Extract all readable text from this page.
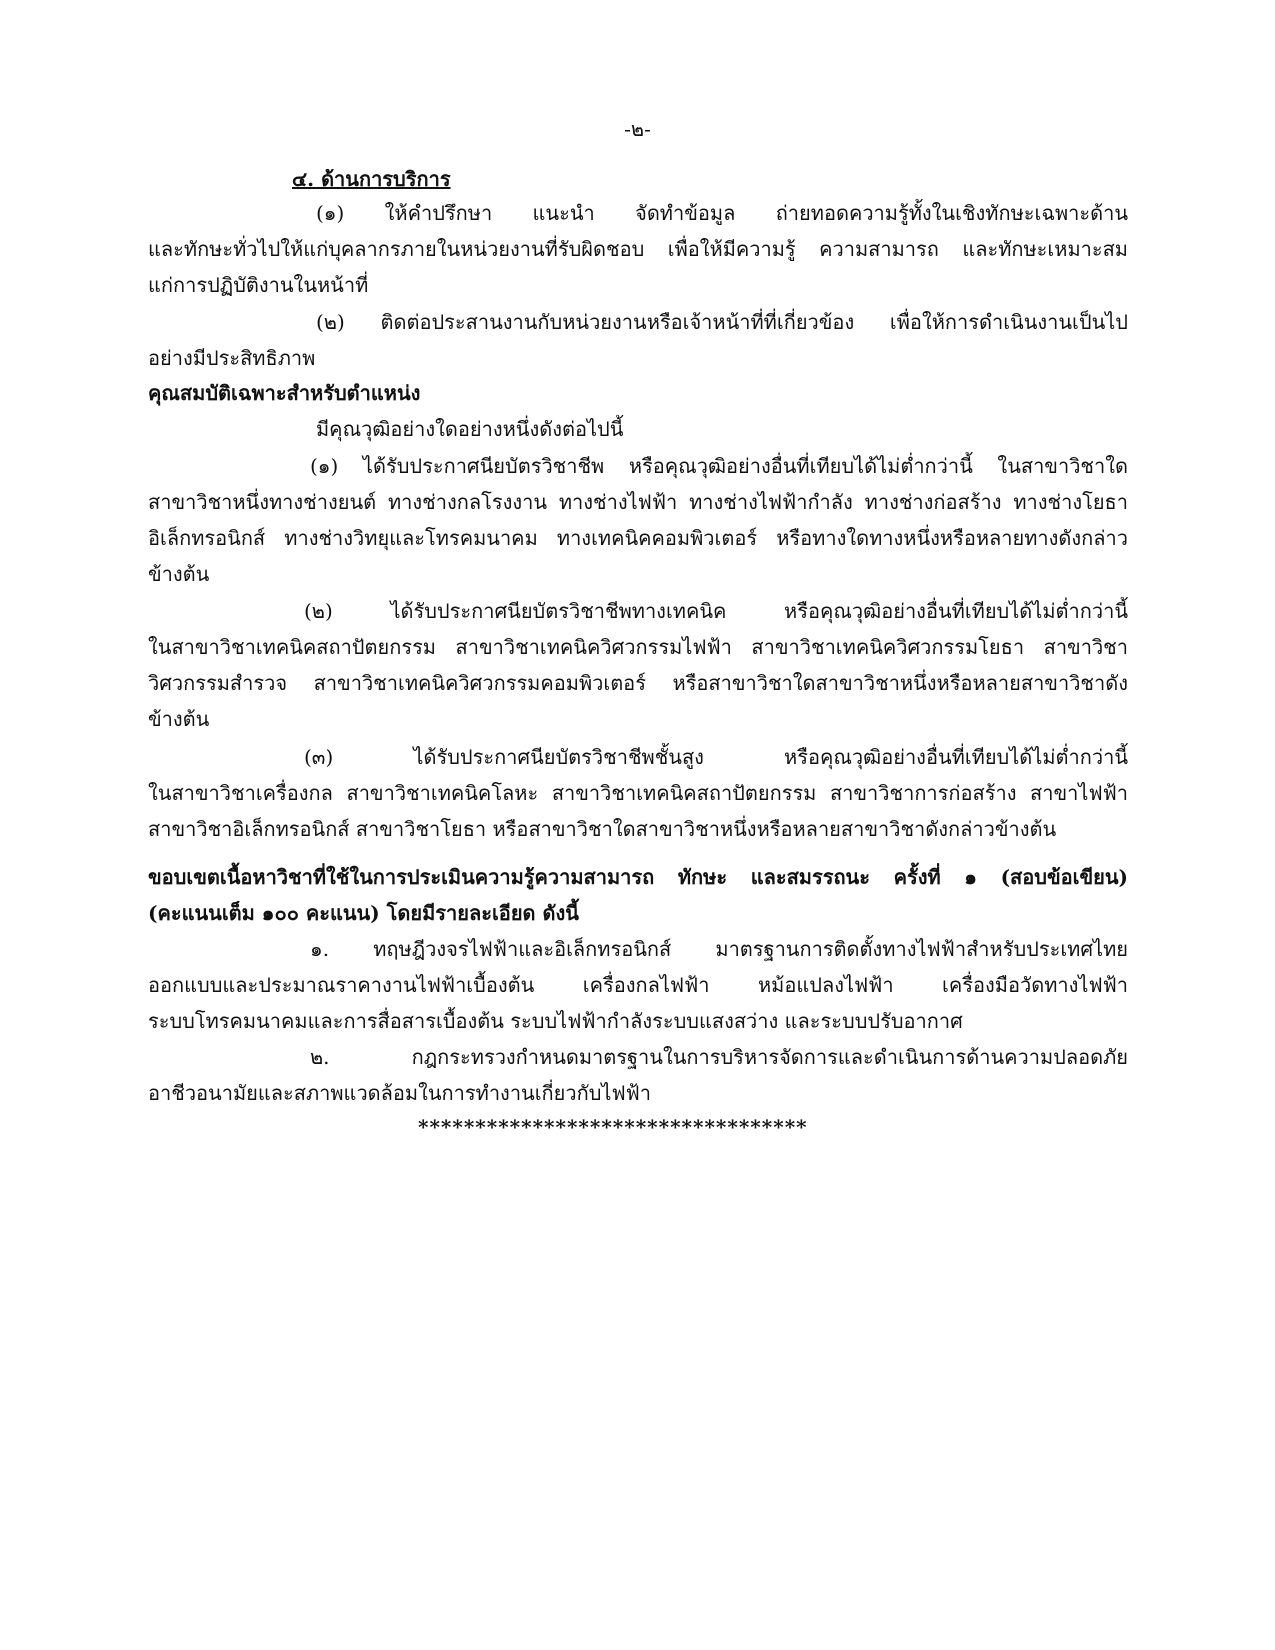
-๒-
๔. ด้านการบริการ
(๑) ให้คำปรึกษา แนะนำ จัดทำข้อมูล ถ่ายทอดความรู้ทั้งในเชิงทักษะเฉพาะด้าน
และทักษะทั่วไปให้แก่บุคลากรภายในหน่วยงานที่รับผิดชอบ เพื่อให้มีความรู้ ความสามารถ และทักษะเหมาะสม
แก่การปฏิบัติงานในหน้าที่
(๒) ติดต่อประสานงานกับหน่วยงานหรือเจ้าหน้าที่ที่เกี่ยวข้อง เพื่อให้การดำเนินงานเป็นไป
อย่างมีประสิทธิภาพ
คุณสมบัติเฉพาะสำหรับตำแหน่ง
มีคุณวุฒิอย่างใดอย่างหนึ่งดังต่อไปนี้
(๑) ได้รับประกาศนียบัตรวิชาชีพ หรือคุณวุฒิอย่างอื่นที่เทียบได้ไม่ต่ำกว่านี้ ในสาขาวิชาใด
สาขาวิชาหนึ่งทางช่างยนต์ ทางช่างกลโรงงาน ทางช่างไฟฟ้า ทางช่างไฟฟ้ากำลัง ทางช่างก่อสร้าง ทางช่างโยธา
อิเล็กทรอนิกส์ ทางช่างวิทยุและโทรคมนาคม ทางเทคนิคคอมพิวเตอร์ หรือทางใดทางหนึ่งหรือหลายทางดังกล่าว
ข้างต้น
(๒) ได้รับประกาศนียบัตรวิชาชีพทางเทคนิค หรือคุณวุฒิอย่างอื่นที่เทียบได้ไม่ต่ำกว่านี้
ในสาขาวิชาเทคนิคสถาปัตยกรรม สาขาวิชาเทคนิควิศวกรรมไฟฟ้า สาขาวิชาเทคนิควิศวกรรมโยธา สาขาวิชา
วิศวกรรมสำรวจ สาขาวิชาเทคนิควิศวกรรมคอมพิวเตอร์ หรือสาขาวิชาใดสาขาวิชาหนึ่งหรือหลายสาขาวิชาดัง
ข้างต้น
(๓) ได้รับประกาศนียบัตรวิชาชีพชั้นสูง หรือคุณวุฒิอย่างอื่นที่เทียบได้ไม่ต่ำกว่านี้
ในสาขาวิชาเครื่องกล สาขาวิชาเทคนิคโลหะ สาขาวิชาเทคนิคสถาปัตยกรรม สาขาวิชาการก่อสร้าง สาขาไฟฟ้า
สาขาวิชาอิเล็กทรอนิกส์ สาขาวิชาโยธา หรือสาขาวิชาใดสาขาวิชาหนึ่งหรือหลายสาขาวิชาดังกล่าวข้างต้น
ขอบเขตเนื้อหาวิชาที่ใช้ในการประเมินความรู้ความสามารถ ทักษะ และสมรรถนะ ครั้งที่ ๑ (สอบข้อเขียน)
(คะแนนเต็ม ๑๐๐ คะแนน) โดยมีรายละเอียด ดังนี้
๑. ทฤษฎีวงจรไฟฟ้าและอิเล็กทรอนิกส์ มาตรฐานการติดตั้งทางไฟฟ้าสำหรับประเทศไทย
ออกแบบและประมาณราคางานไฟฟ้าเบื้องต้น เครื่องกลไฟฟ้า หม้อแปลงไฟฟ้า เครื่องมือวัดทางไฟฟ้า
ระบบโทรคมนาคมและการสื่อสารเบื้องต้น ระบบไฟฟ้ากำลังระบบแสงสว่าง และระบบปรับอากาศ
๒. กฎกระทรวงกำหนดมาตรฐานในการบริหารจัดการและดำเนินการด้านความปลอดภัย
อาชีวอนามัยและสภาพแวดล้อมในการทำงานเกี่ยวกับไฟฟ้า
**********************************
